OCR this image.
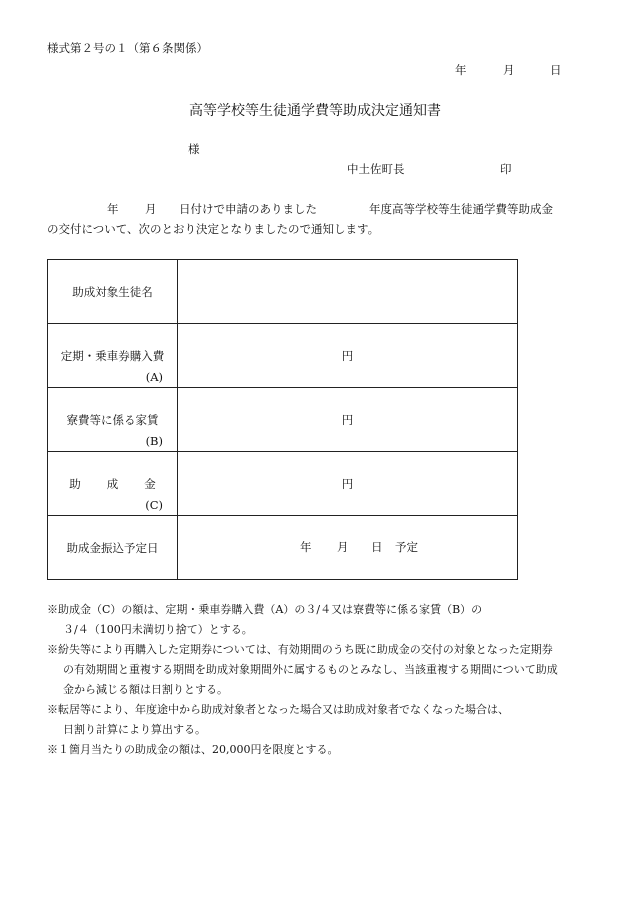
様式第２号の１（第６条関係）
年	月	日
高等学校等生徒通学費等助成決定通知書
様
中土佐町長	印
年 月 日付けで申請のありました	年度高等学校等生徒通学費等助成金
の交付について、次のとおり決定となりましたので通知します。
助成対象生徒名	

定期・乗車券購入費
(A)	円

寮費等に係る家賃
(B)	円

助 成 金
(C)	円

助成金振込予定日	年 月 日 予定
※助成金（C）の額は、定期・乗車券購入費（A）の３/４又は寮費等に係る家賃（B）の
３/４（100円未満切り捨て）とする。
※紛失等により再購入した定期券については、有効期間のうち既に助成金の交付の対象となった定期券
の有効期間と重複する期間を助成対象期間外に属するものとみなし、当該重複する期間について助成
金から減じる額は日割りとする。
※転居等により、年度途中から助成対象者となった場合又は助成対象者でなくなった場合は、
日割り計算により算出する。
※１箇月当たりの助成金の額は、20,000円を限度とする。
